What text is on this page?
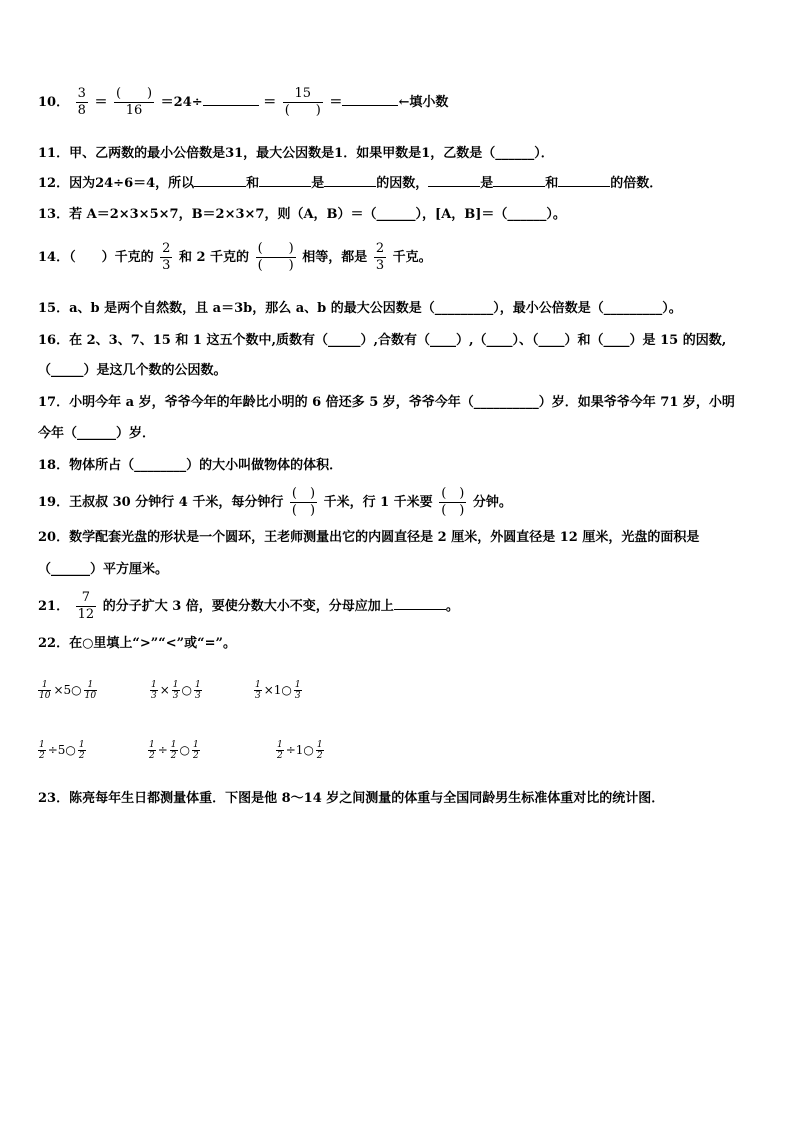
10． $\frac{3}{8} = \frac{( )}{16} =24\div$	＝ $\frac{15}{( )}$ ＝	←填小数
11．甲、乙两数的最小公倍数是31，最大公因数是1．如果甲数是1，乙数是（______）．
12．因为24÷6＝4，所以	和	是	的因数，	是	和	的倍数．
13．若 A＝2×3×5×7，B＝2×3×7，则（A，B）＝（______），[A，B]＝（______）。
14．（　　）千克的 $\frac{2}{3}$ 和 2 千克的 $\frac{( )}{( )}$ 相等，都是 $\frac{2}{3}$ 千克。
15．a、b 是两个自然数，且 a＝3b，那么 a、b 的最大公因数是（_________），最小公倍数是（_________）。
16．在 2、3、7、15 和 1 这五个数中,质数有（_____）,合数有（____）,（____）、（____）和（____）是 15 的因数,
（_____）是这几个数的公因数。
17．小明今年 a 岁，爷爷今年的年龄比小明的 6 倍还多 5 岁，爷爷今年（__________）岁．如果爷爷今年 71 岁，小明
今年（______）岁．
18．物体所占（________）的大小叫做物体的体积．
19．王叔叔 30 分钟行 4 千米，每分钟行 $\frac{( )}{( )}$ 千米，行 1 千米要 $\frac{( )}{( )}$ 分钟。
20．数学配套光盘的形状是一个圆环，王老师测量出它的内圆直径是 2 厘米，外圆直径是 12 厘米，光盘的面积是
（______）平方厘米。
21． $\frac{7}{12}$ 的分子扩大 3 倍，要使分数大小不变，分母应加上	。
22．在○里填上“>”“<”或“=”。
$\frac{1}{10}$ ×5○ $\frac{1}{10}$	$\frac{1}{3} \times \frac{1}{3}$ ○ $\frac{1}{3}$	$\frac{1}{3}$ ×1○ $\frac{1}{3}$
$\frac{1}{2}$ ÷5○ $\frac{1}{2}$	$\frac{1}{2} \div \frac{1}{2}$ ○ $\frac{1}{2}$	$\frac{1}{2}$ ÷1○ $\frac{1}{2}$
23．陈亮每年生日都测量体重．下图是他 8～14 岁之间测量的体重与全国同龄男生标准体重对比的统计图．
